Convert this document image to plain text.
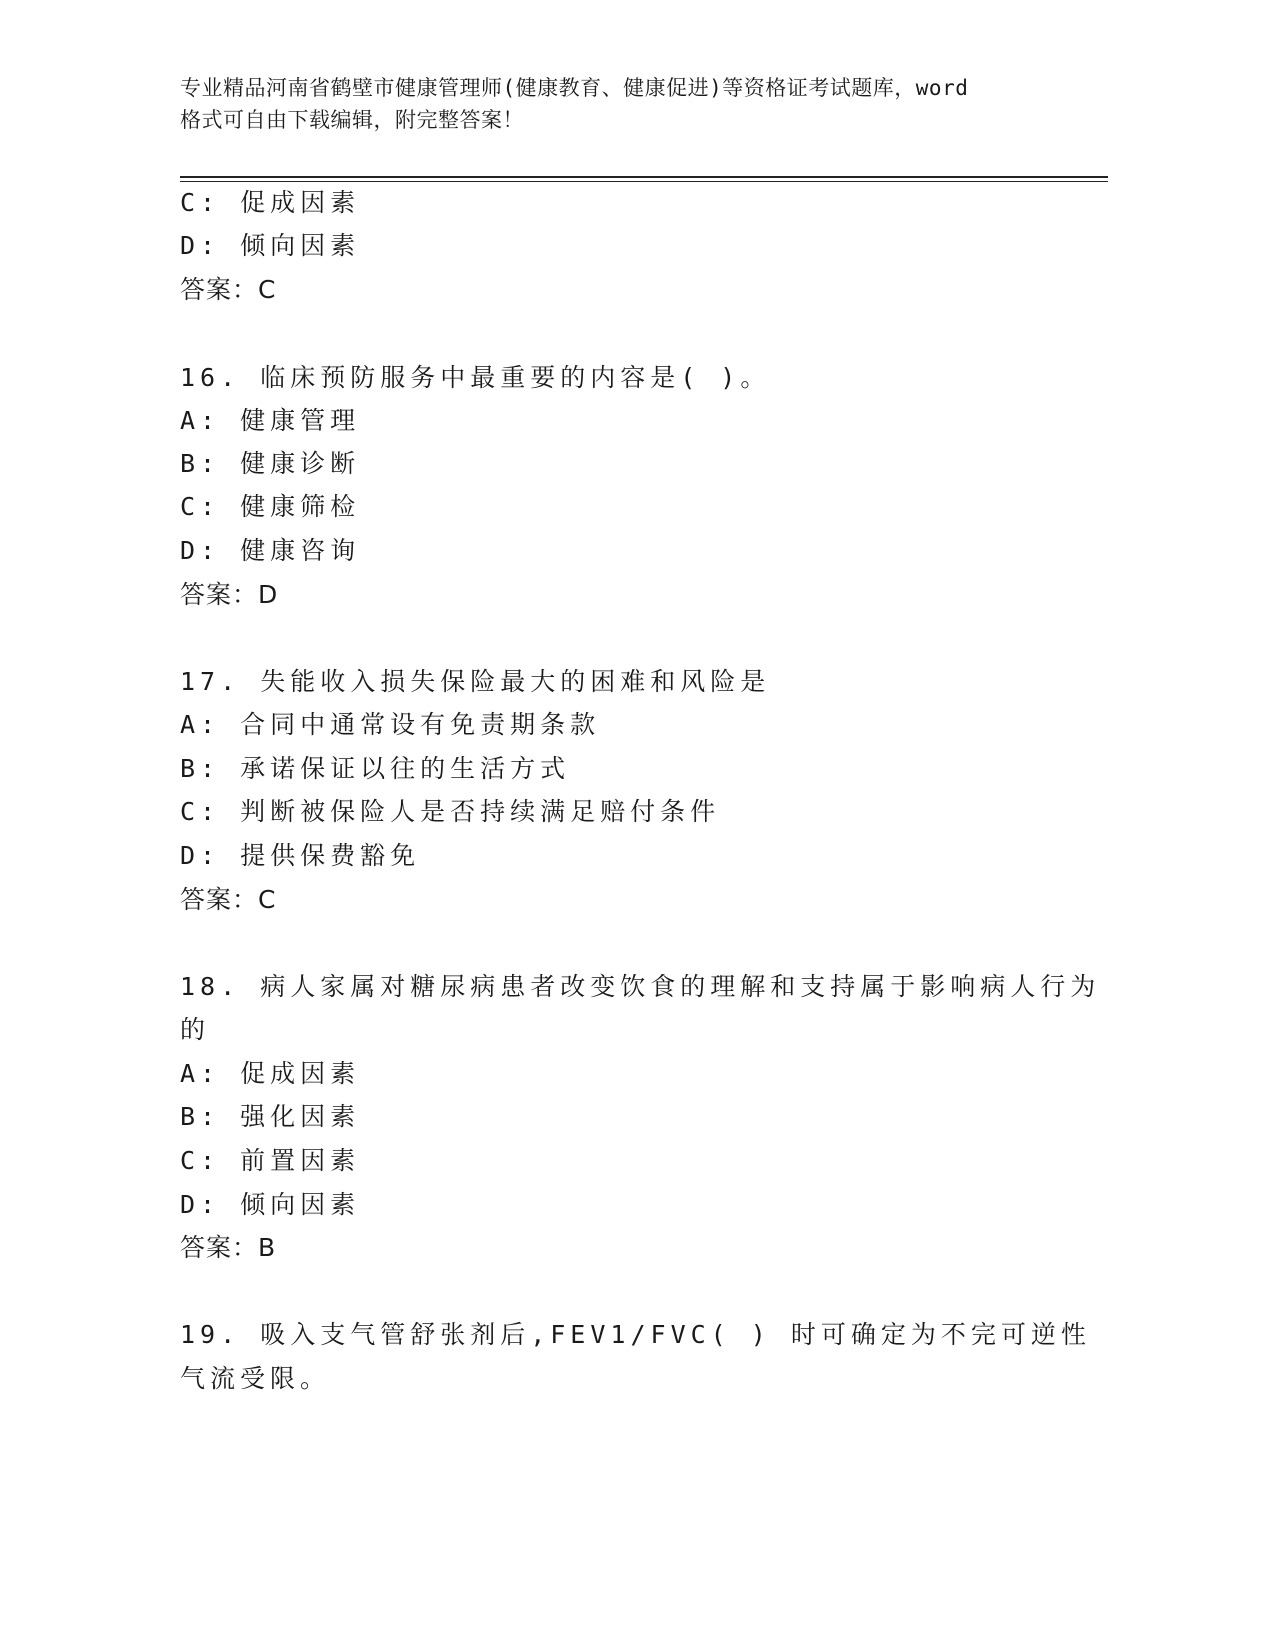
专业精品河南省鹤壁市健康管理师(健康教育、健康促进)等资格证考试题库，word
格式可自由下载编辑，附完整答案！
C: 促成因素
D: 倾向因素
答案：C
16. 临床预防服务中最重要的内容是( )。
A: 健康管理
B: 健康诊断
C: 健康筛检
D: 健康咨询
答案：D
17. 失能收入损失保险最大的困难和风险是
A: 合同中通常设有免责期条款
B: 承诺保证以往的生活方式
C: 判断被保险人是否持续满足赔付条件
D: 提供保费豁免
答案：C
18. 病人家属对糖尿病患者改变饮食的理解和支持属于影响病人行为
的
A: 促成因素
B: 强化因素
C: 前置因素
D: 倾向因素
答案：B
19. 吸入支气管舒张剂后,FEV1/FVC( ) 时可确定为不完可逆性
气流受限。
